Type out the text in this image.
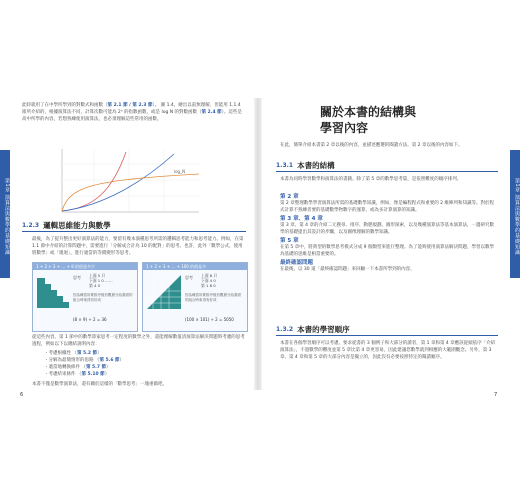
第1章 演算法與數學的基礎知識

此時就用了在中學所學到的對數式和函數（第 2.1 節 / 第 2.3 節）。 圖 1.4，繪出以前無理解，但能用 1.1.4 節所介紹的，根據演算法不同，計算次數可能為 2ⁿ 的指數函數，或是 log N 的對數函數（第 2.4 節）。這些是高中所學的內容，若想熟練使用演算法，也必須理解這些常用的函數。

log_N
1.2.3 邏輯思維能力與數學

最後，為了提升整出更好演算法的能力，要留有幾本演種思考所需的邏輯思考能力和思考能力。例如，在第 1.1 節中介紹的計算問題中，需要進行「分解成合計為 10 的配對」的思考。也許，此外「數學公式，使用將數學」或「遞迴」、進行適當的等價變形等思考。

1 + 2 + 3 + … + 8 的值是多少
思考 上面 5 只
下面 1 0 ……
第 4 0
因為練習所要排序後有數據分給書面的組合時來得有好或
(8 × 9) ÷ 2 = 36
1 + 2 + 3 + … + 100 的值是多
思考 上面 8 只
下面 4 0
第 1 8 0
因為練習所要排序後有數據分給書面的組合時來得有好或
(100 × 101) ÷ 2 = 5050

從這些內容，第 1 節中的數學算家思考一定程度的數學之外，還能理解數值清演算法解決問題時考慮的思考過程，例如以下以總結說明內容：

・考慮根據性 （第 5.2 節）
・分解為最簡情形的思路 （第 5.6 節）
・適當地轉換條件 （第 5.7 節）
・考慮結束條件 （第 5.10 節）

本書不僅是數學演算法，還有關於這樣的「數學思考」一塊重做吧。

6
第1章 演算法與數學的基礎知識
關於本書的結構與
學習內容

在此，簡單介紹本書第 2 章以後的內容，並描述應選的閱讀方法。第 2 章以後的內容如下。

1.3.1 本書的結構

本書為同時學習數學和演算法的書籍。除了第 5 章的數學思考篇，是依照難度的順序排列。

第 2 章

第 2 章整理數學學習演算法所需的基礎數學知識，例如，像是編程程式和重要的 2 維陣列和知識等。對於程式計算不熟練者要的基礎數學物數字的運算，或為多計算演算的知識。

第 3 章、第 4 章

第 3 章、第 4 章的介紹二元搜尋、排序、動態規劃、圖形探索，以及幾種演算法等基本演算法，一邊研究數學的基礎提出其設計的步驟，以及圖像理解的數學知識。

第 5 章

在第 5 章中，將典型的數學思考模式分成 9 個類型來進行整理。為了能夠使用演算法解決問題，學習以數學為基礎的思維是相當重要的。

最終確認問題

在最後，以 30 道「最終確認問題」來回顧一下本書所學到的內容。

1.3.2 本書的學習順序

本書在各個學習順序可以考慮。要求從書的 3 個例子和大部分的讀者，第 1 章和第 4 章應該從頭依序「介紹演算法」，不過數學的難度並第 5 章比第 4 章更容易，因此建議您數學就到相應的大範圍觀念。另外，第 3 章、第 4 章和第 5 章的大部分內容是獨立的，因此沒有必要按照特定的閱讀順序。

7
